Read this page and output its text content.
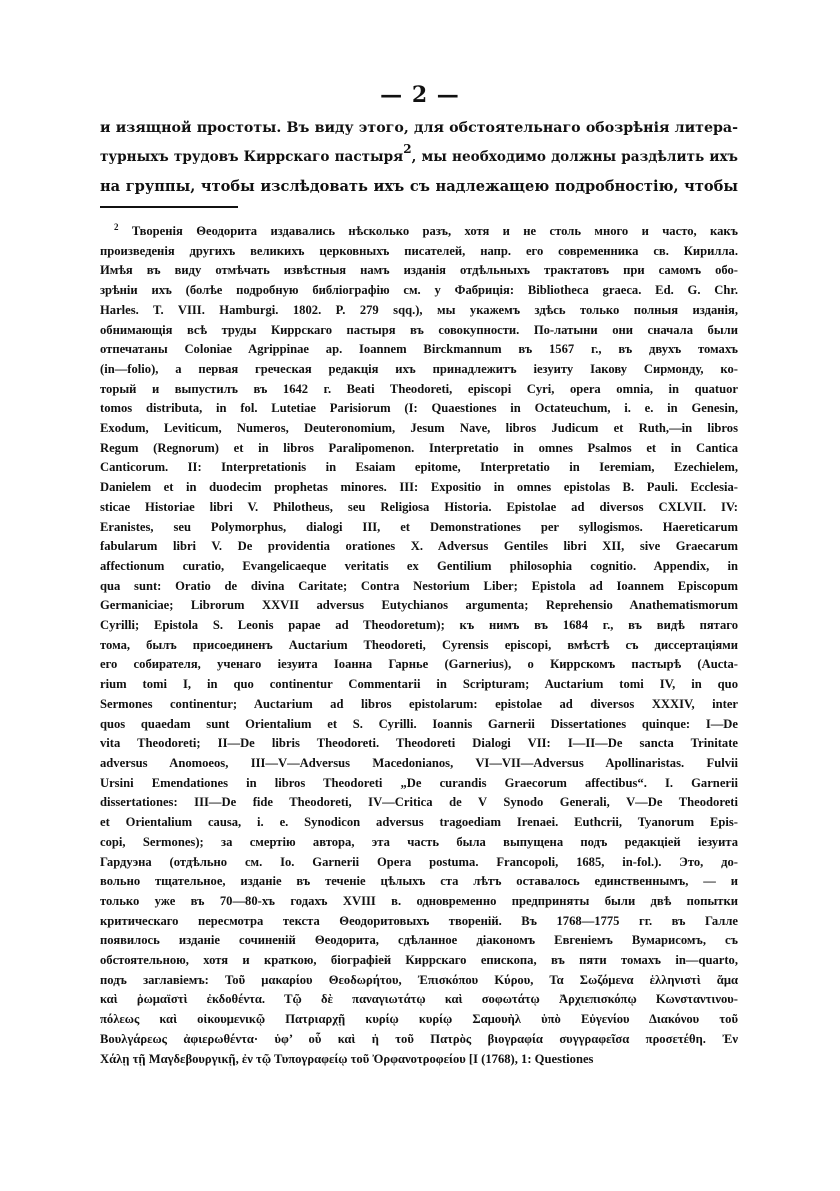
— 2 —
и изящной простоты. Въ виду этого, для обстоятельнаго обозрѣнія литера-
турныхъ трудовъ Киррскаго пастыря$^2$, мы необходимо должны раздѣлить ихъ
на группы, чтобы изслѣдовать ихъ съ надлежащею подробностію, чтобы
$^2$ Творенія Θеодорита издавались нѣсколько разъ, хотя и не столь много и часто, какъ
произведенія другихъ великихъ церковныхъ писателей, напр. его современника св. Кирилла.
Имѣя въ виду отмѣчать извѣстныя намъ изданія отдѣльныхъ трактатовъ при самомъ обо-
зрѣніи ихъ (болѣе подробную библіографію см. у Фабрицiя: Bibliotheca graeca. Ed. G. Chr.
Harles. T. VIII. Hamburgi. 1802. P. 279 sqq.), мы укажемъ здѣсь только полныя изданія,
обнимающія всѣ труды Киррскаго пастыря въ совокупности. По-латыни они сначала были
отпечатаны Coloniae Agrippinae ap. Ioannem Birckmannum въ 1567 г., въ двухъ томахъ
(in—folio), а первая греческая редакція ихъ принадлежитъ іезуиту Іакову Сирмонду, ко-
торый и выпустилъ въ 1642 г. Beati Theodoreti, episcopi Cyri, opera omnia, in quatuor
tomos distributa, in fol. Lutetiae Parisiorum (I: Quaestiones in Octateuchum, i. e. in Genesin,
Exodum, Leviticum, Numeros, Deuteronomium, Jesum Nave, libros Judicum et Ruth,—in libros
Regum (Regnorum) et in libros Paralipomenon. Interpretatio in omnes Psalmos et in Cantica
Canticorum. II: Interpretationis in Esaiam epitome, Interpretatio in Ieremiam, Ezechielem,
Danielem et in duodecim prophetas minores. III: Expositio in omnes epistolas B. Pauli. Ecclesia-
sticae Historiae libri V. Philotheus, seu Religiosa Historia. Epistolae ad diversos CXLVII. IV:
Eranistes, seu Polymorphus, dialogi III, et Demonstrationes per syllogismos. Haereticarum
fabularum libri V. De providentia orationes X. Adversus Gentiles libri XII, sive Graecarum
affectionum curatio, Evangelicaeque veritatis ex Gentilium philosophia cognitio. Appendix, in
qua sunt: Oratio de divina Caritate; Contra Nestorium Liber; Epistola ad Ioannem Episcopum
Germaniciae; Librorum XXVII adversus Eutychianos argumenta; Reprehensio Anathematismorum
Cyrilli; Epistola S. Leonis papae ad Theodoretum); къ нимъ въ 1684 г., въ видѣ пятаго
тома, былъ присоединенъ Auctarium Theodoreti, Cyrensis episcopi, вмѣстѣ съ диссертаціями
его собирателя, ученаго іезуита Іоанна Гарнье (Garnerius), о Киррскомъ пастырѣ (Aucta-
rium tomi I, in quo continentur Commentarii in Scripturam; Auctarium tomi IV, in quo
Sermones continentur; Auctarium ad libros epistolarum: epistolae ad diversos XXXIV, inter
quos quaedam sunt Orientalium et S. Cyrilli. Ioannis Garnerii Dissertationes quinque: I—De
vita Theodoreti; II—De libris Theodoreti. Theodoreti Dialogi VII: I—II—De sancta Trinitate
adversus Anomoeos, III—V—Adversus Macedonianos, VI—VII—Adversus Apollinaristas. Fulvii
Ursini Emendationes in libros Theodoreti „De curandis Graecorum affectibus“. I. Garnerii
dissertationes: III—De fide Theodoreti, IV—Critica de V Synodo Generali, V—De Theodoreti
et Orientalium causa, i. e. Synodicon adversus tragoediam Irenaei. Euthcrii, Tyanorum Epis-
copi, Sermones); за смертію автора, эта часть была выпущена подъ редакціей іезуита
Гардуэна (отдѣльно см. Io. Garnerii Opera postuma. Francopoli, 1685, in-fol.). Это, до-
вольно тщательное, изданіе въ теченіе цѣлыхъ ста лѣтъ оставалось единственнымъ, — и
только уже въ 70—80-хъ годахъ XVIII в. одновременно предприняты были двѣ попытки
критическаго пересмотра текста Θеодоритовыхъ твореній. Въ 1768—1775 гг. въ Галле
появилось изданіе сочиненій Θеодорита, сдѣланное діакономъ Евгеніемъ Вумарисомъ, съ
обстоятельною, хотя и краткою, біографіей Киррскаго епископа, въ пяти томахъ in—quarto,
подъ заглавіемъ: Τοῦ μακαρίου Θεοδωρήτου, Ἐπισκόπου Κύρου, Τα Σωζόμενα ἑλληνιστὶ ἅμα
καὶ ῥωμαϊστὶ ἐκδοθέντα. Τῷ δὲ παναγιωτάτῳ καὶ σοφωτάτῳ Ἀρχιεπισκόπῳ Κωνσταντινου-
πόλεως καὶ οἰκουμενικῷ Πατριαρχῇ κυρίῳ κυρίῳ Σαμουὴλ ὑπὸ Εὐγενίου Διακόνου τοῦ
Βουλγάρεως ἀφιερωθέντα· ὑφ’ οὗ καὶ ἡ τοῦ Πατρὸς βιογραφία συγγραφεῖσα προσετέθη. Ἐν
Χάλῃ τῇ Μαγδεβουργικῇ, ἐν τῷ Τυπογραφείῳ τοῦ Ὀρφανοτροφείου [I (1768), 1: Questiones
